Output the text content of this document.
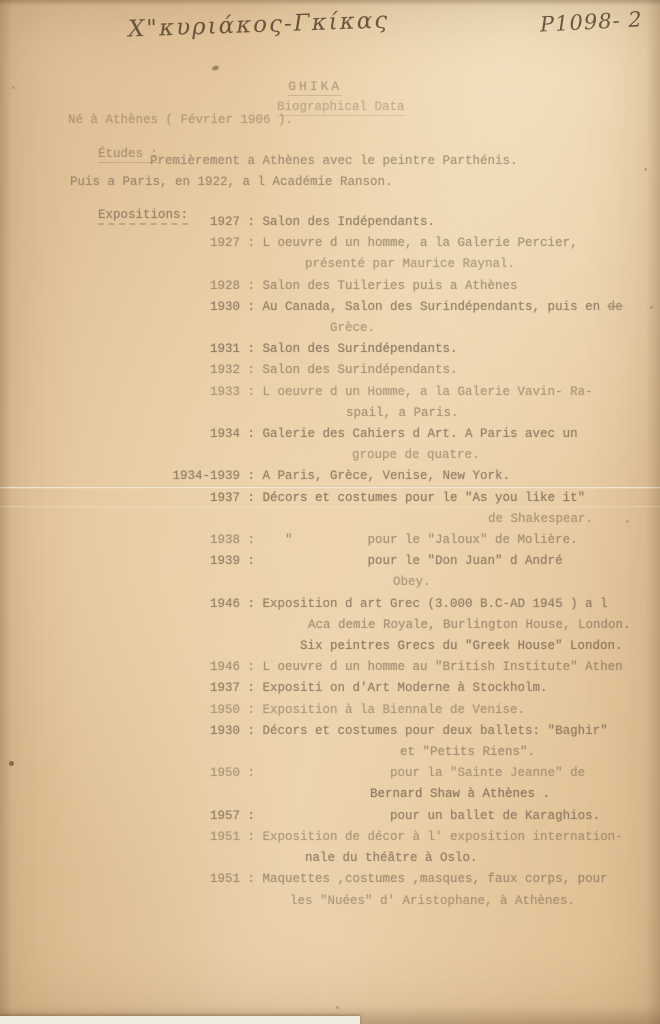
Χ"κυριάκος-Γκίκας	P1098- 2

GHIKA

Biographical Data

Né à Athènes ( Février 1906 ).

Études :

Premièrement a Athènes avec le peintre Parthénis.
Puis a Paris, en 1922, a l Académie Ranson.

Expositions:
	1927 : Salon des Indépendants.
1927 : L oeuvre d un homme, a la Galerie Percier,
présenté par Maurice Raynal.
1928 : Salon des Tuileries puis a Athènes
1930 : Au Canada, Salon des Surindépendants, puis en de
Grèce.
1931 : Salon des Surindépendants.
1932 : Salon des Surindépendants.
1933 : L oeuvre d un Homme, a la Galerie Vavin- Ra-
spail, a Paris.
1934 : Galerie des Cahiers d Art. A Paris avec un
groupe de quatre.
1934-1939 : A Paris, Grèce, Venise, New York.
1937 : Décors et costumes pour le "As you like it"
de Shakespear.
1938 :    "          pour le "Jaloux" de Molière.
1939 :               pour le "Don Juan" d André
Obey.
1946 : Exposition d art Grec (3.000 B.C-AD 1945 ) a l
Aca demie Royale, Burlington House, London.
Six peintres Grecs du "Greek House" London.
1946 : L oeuvre d un homme au "British Institute" Athen
1937 : Expositi on d'Art Moderne à Stockholm.
1950 : Exposition à la Biennale de Venise.
1930 : Décors et costumes pour deux ballets: "Baghir"
et "Petits Riens".
1950 :                  pour la "Sainte Jeanne" de
Bernard Shaw à Athènes .
1957 :                  pour un ballet de Karaghios.
1951 : Exposition de décor à l' exposition internation-
nale du théâtre à Oslo.
1951 : Maquettes ,costumes ,masques, faux corps, pour
les "Nuées" d' Aristophane, à Athènes.
